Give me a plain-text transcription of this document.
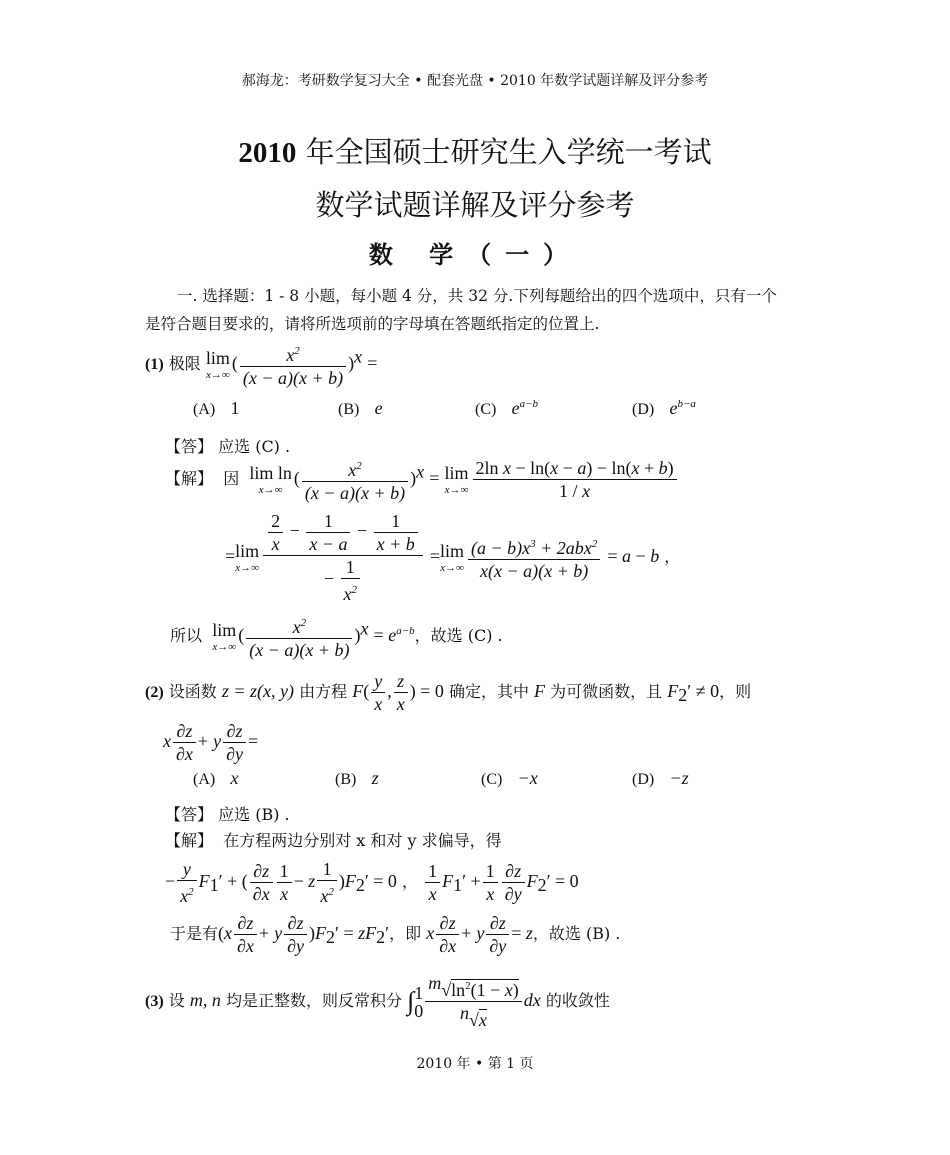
郝海龙：考研数学复习大全 • 配套光盘 • 2010 年数学试题详解及评分参考
2010 年全国硕士研究生入学统一考试
数学试题详解及评分参考
数 学（一）
一. 选择题：1 - 8 小题，每小题 4 分，共 32 分.下列每题给出的四个选项中，只有一个
是符合题目要求的，请将所选项前的字母填在答题纸指定的位置上.
(1) 极限 lim
x→∞
( $\frac{x^2}{(x - a)(x + b)} )^x$ =
(A) 1	(B) e	(C) $e^{a-b}$	(D) $e^{b-a}$
【答】 应选 (C) .
【解】 因 lim ln
x→∞
( $\frac{x^2}{(x - a)(x + b)} )^x = \lim$
$x\to\infty \frac{\text{2ln x − ln(x − a) − ln(x + b)}}{1 / x}$
= lim
$x\to\infty \frac{\frac{2}{x} - \frac{1}{x - a} - \frac{1}{x + b}}{- \frac{1}{x^2}} = \lim$
$x\to\infty \frac{(a - b)x^3 + 2abx^2}{x(x - a)(x + b)} = a - b$ ，
所以 lim
x→∞
( $\frac{x^2}{(x - a)(x + b)} )^x = e^{a-b}$，故选 (C) .
(2) 设函数 z = z(x, y) 由方程 $F( \frac{y}{x}$ , $\frac{z}{x}$ ) = 0 确定，其中 F 为可微函数，且 $F_2' \ne 0$，则
x $\frac{\partial z}{\partial x} + y \frac{\partial z}{\partial y}$ =
(A) x	(B) z	(C) −x	(D) −z
【答】 应选 (B) .
【解】 在方程两边分别对 x 和对 y 求偏导，得
− $\frac{y}{x^2} F_1'$ + ( $\frac{\partial z}{\partial x} \frac{1}{x} - z \frac{1}{x^2} )F_2' = 0$ ， $\frac{1}{x} F_1' + \frac{1}{x} \frac{\partial z}{\partial y} F_2' = 0$
于是有$(x \frac{\partial z}{\partial x} + y \frac{\partial z}{\partial y} )F_2' = zF_2'$，即 x $\frac{\partial z}{\partial x} + y \frac{\partial z}{\partial y} = z$，故选 (B) .
(3) 设 m, n 均是正整数，则反常积分 ∫ 1
$0 \frac{^m√\ln^2(1 - x)}{^n√x}$ dx 的收敛性
2010 年 • 第 1 页
